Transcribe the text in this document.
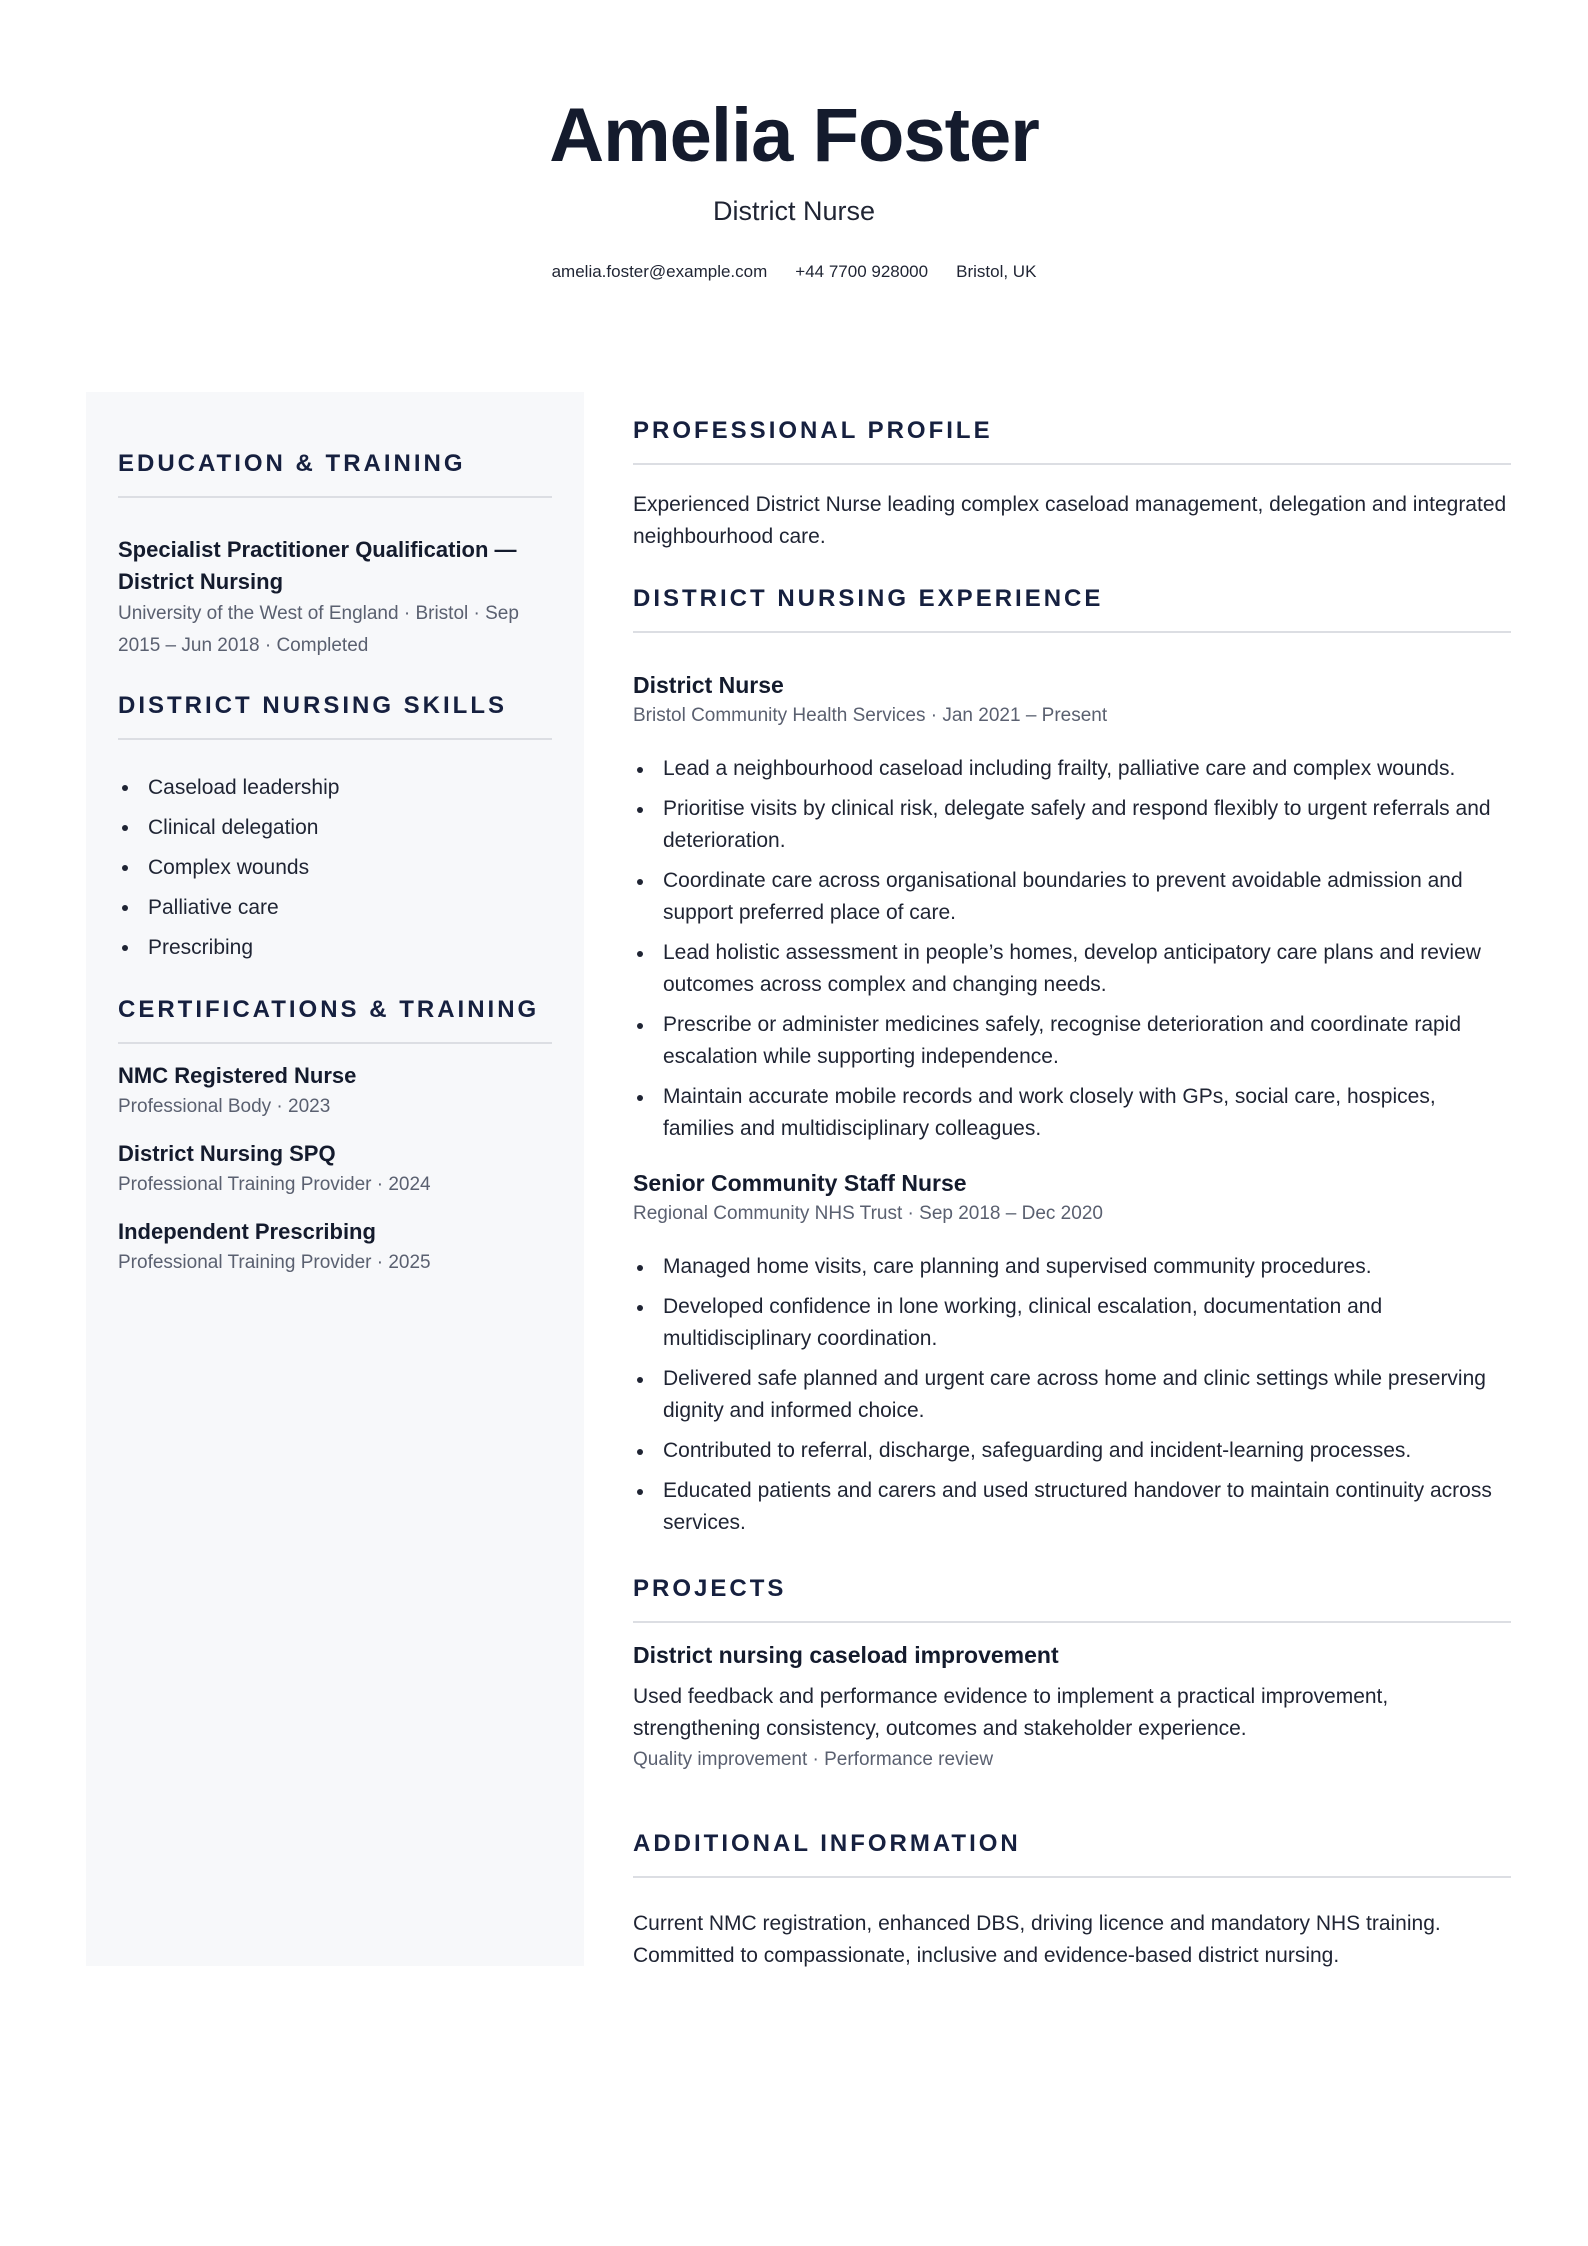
Amelia Foster
District Nurse
amelia.foster@example.com +44 7700 928000 Bristol, UK
EDUCATION & TRAINING
Specialist Practitioner Qualification — District Nursing
University of the West of England · Bristol · Sep 2015 – Jun 2018 · Completed
DISTRICT NURSING SKILLS
Caseload leadership
Clinical delegation
Complex wounds
Palliative care
Prescribing
CERTIFICATIONS & TRAINING
NMC Registered Nurse
Professional Body · 2023
District Nursing SPQ
Professional Training Provider · 2024
Independent Prescribing
Professional Training Provider · 2025
PROFESSIONAL PROFILE
Experienced District Nurse leading complex caseload management, delegation and integrated neighbourhood care.
DISTRICT NURSING EXPERIENCE
District Nurse
Bristol Community Health Services · Jan 2021 – Present
Lead a neighbourhood caseload including frailty, palliative care and complex wounds.
Prioritise visits by clinical risk, delegate safely and respond flexibly to urgent referrals and deterioration.
Coordinate care across organisational boundaries to prevent avoidable admission and support preferred place of care.
Lead holistic assessment in people’s homes, develop anticipatory care plans and review outcomes across complex and changing needs.
Prescribe or administer medicines safely, recognise deterioration and coordinate rapid escalation while supporting independence.
Maintain accurate mobile records and work closely with GPs, social care, hospices, families and multidisciplinary colleagues.
Senior Community Staff Nurse
Regional Community NHS Trust · Sep 2018 – Dec 2020
Managed home visits, care planning and supervised community procedures.
Developed confidence in lone working, clinical escalation, documentation and multidisciplinary coordination.
Delivered safe planned and urgent care across home and clinic settings while preserving dignity and informed choice.
Contributed to referral, discharge, safeguarding and incident-learning processes.
Educated patients and carers and used structured handover to maintain continuity across services.
PROJECTS
District nursing caseload improvement
Used feedback and performance evidence to implement a practical improvement, strengthening consistency, outcomes and stakeholder experience.
Quality improvement · Performance review
ADDITIONAL INFORMATION
Current NMC registration, enhanced DBS, driving licence and mandatory NHS training. Committed to compassionate, inclusive and evidence-based district nursing.
